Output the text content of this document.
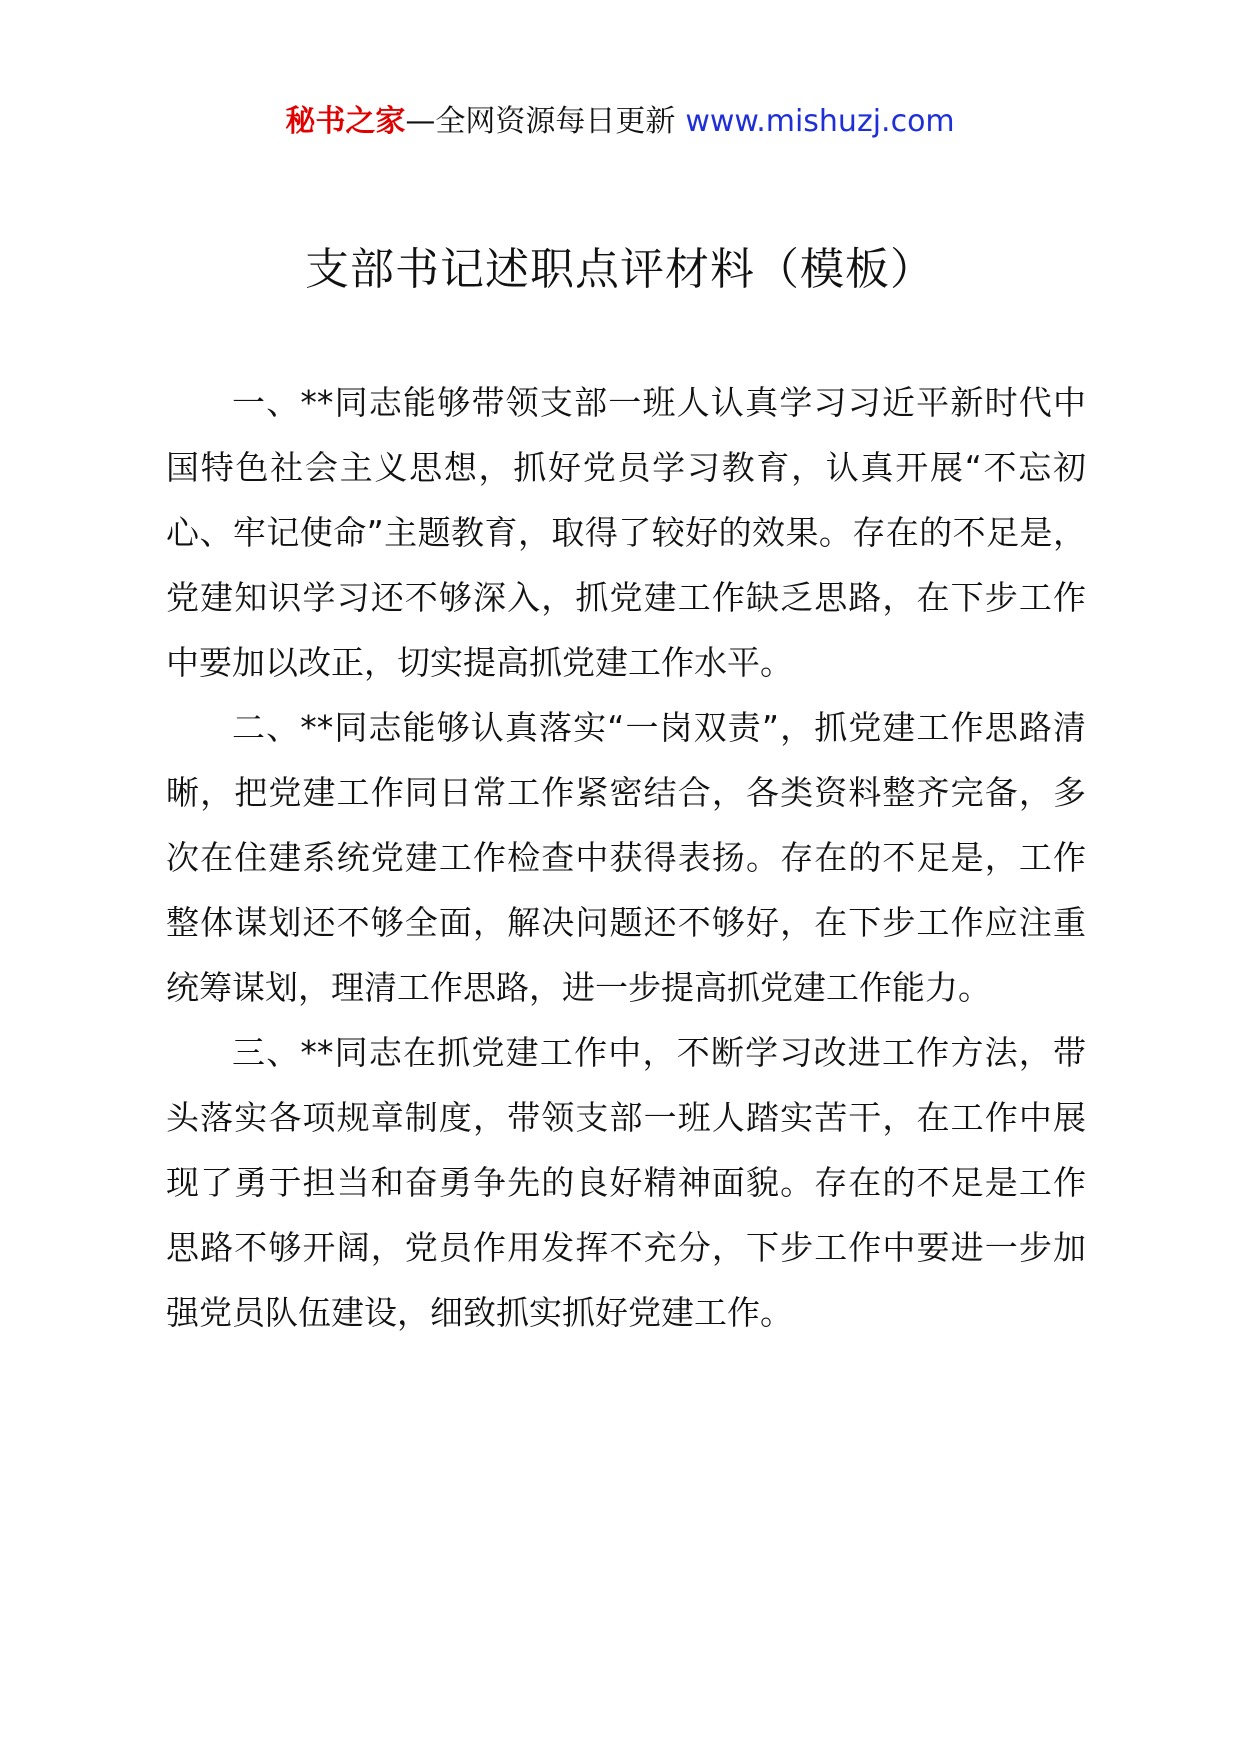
秘书之家—全网资源每日更新 www.mishuzj.com
支部书记述职点评材料（模板）

一、**同志能够带领支部一班人认真学习习近平新时代中国特色社会主义思想，抓好党员学习教育，认真开展“不忘初心、牢记使命”主题教育，取得了较好的效果。存在的不足是，党建知识学习还不够深入，抓党建工作缺乏思路，在下步工作中要加以改正，切实提高抓党建工作水平。

二、**同志能够认真落实“一岗双责”，抓党建工作思路清晰，把党建工作同日常工作紧密结合，各类资料整齐完备，多次在住建系统党建工作检查中获得表扬。存在的不足是，工作整体谋划还不够全面，解决问题还不够好，在下步工作应注重统筹谋划，理清工作思路，进一步提高抓党建工作能力。

三、**同志在抓党建工作中，不断学习改进工作方法，带头落实各项规章制度，带领支部一班人踏实苦干，在工作中展现了勇于担当和奋勇争先的良好精神面貌。存在的不足是工作思路不够开阔，党员作用发挥不充分，下步工作中要进一步加强党员队伍建设，细致抓实抓好党建工作。
